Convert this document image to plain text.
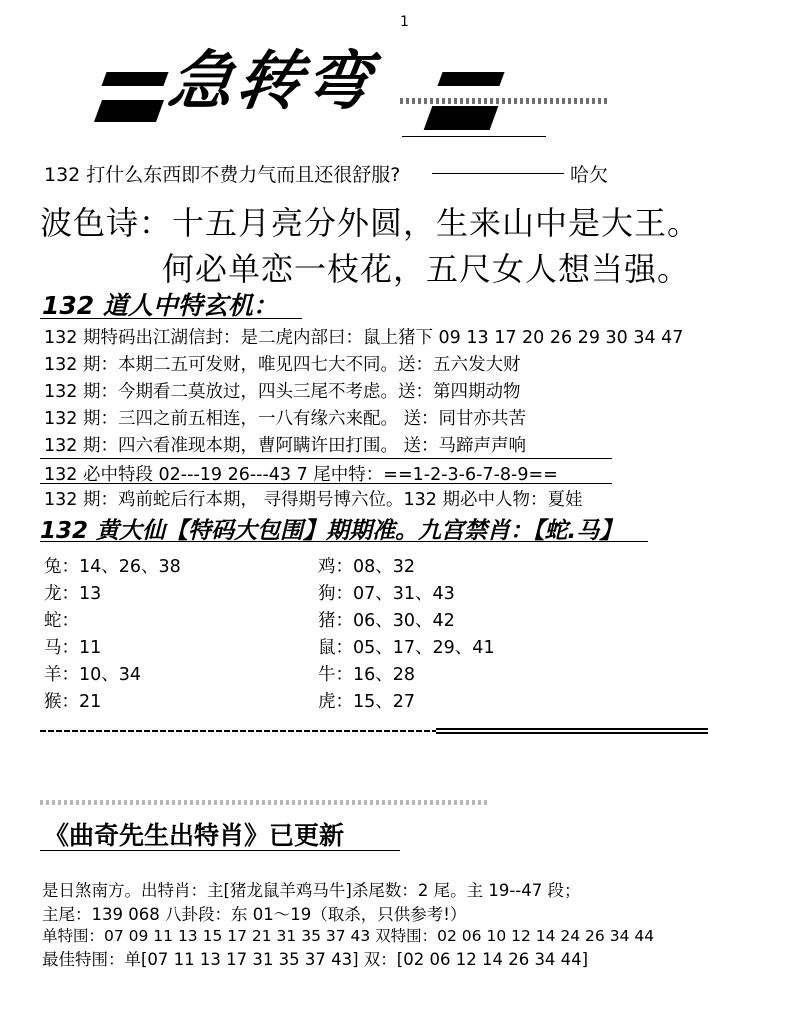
1
急转弯
132 打什么东西即不费力气而且还很舒服?	哈欠
波色诗：十五月亮分外圆，生来山中是大王。
何必单恋一枝花，五尺女人想当强。
132 道人中特玄机：
132 期特码出江湖信封：是二虎内部曰：鼠上猪下 09 13 17 20 26 29 30 34 47
132 期：本期二五可发财，唯见四七大不同。送：五六发大财
132 期：今期看二莫放过，四头三尾不考虑。送：第四期动物
132 期：三四之前五相连，一八有缘六来配。 送：同甘亦共苦
132 期：四六看准现本期，曹阿瞒许田打围。 送：马蹄声声响
132 必中特段 02---19 26---43 7 尾中特：==1-2-3-6-7-8-9==
132 期：鸡前蛇后行本期， 寻得期号博六位。132 期必中人物：夏娃
132 黄大仙【特码大包围】期期准。九宫禁肖：【蛇.马】
兔：14、26、38
龙：13
蛇：
马：11
羊：10、34
猴：21
鸡：08、32
狗：07、31、43
猪：06、30、42
鼠：05、17、29、41
牛：16、28
虎：15、27
《曲奇先生出特肖》已更新
是日煞南方。出特肖：主[猪龙鼠羊鸡马牛]杀尾数：2 尾。主 19--47 段；
主尾：139 068 八卦段：东 01～19（取杀，只供参考!）
单特围：07 09 11 13 15 17 21 31 35 37 43 双特围：02 06 10 12 14 24 26 34 44
最佳特围：单[07 11 13 17 31 35 37 43] 双：[02 06 12 14 26 34 44]
